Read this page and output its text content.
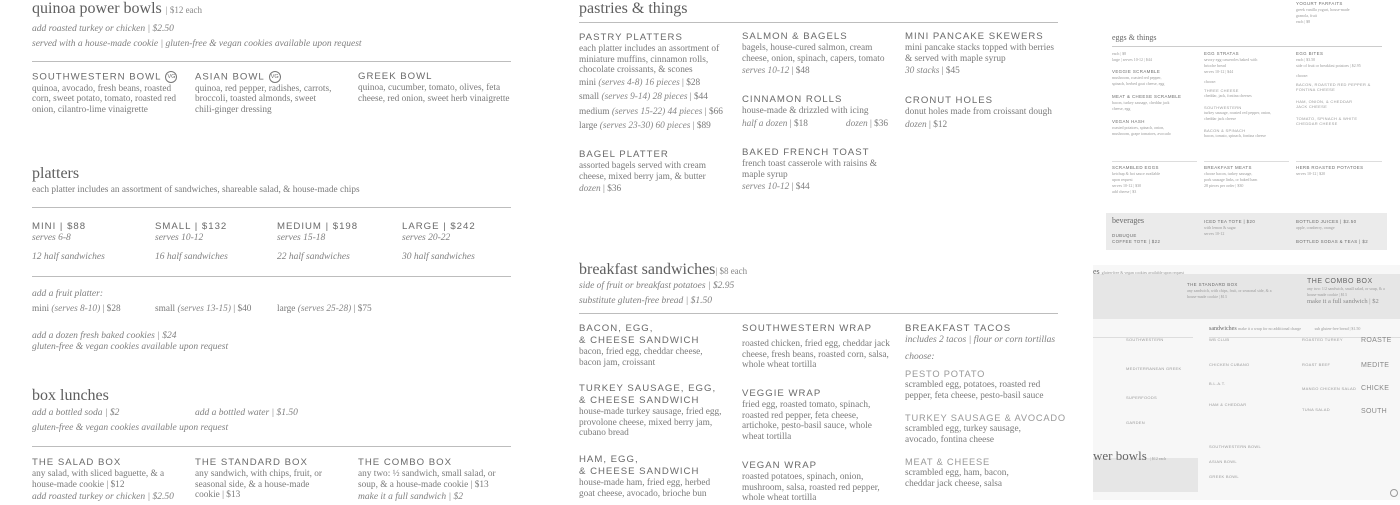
quinoa power bowls | $12 each
add roasted turkey or chicken | $2.50
served with a house-made cookie | gluten-free & vegan cookies available upon request
SOUTHWESTERN BOWL VG
quinoa, avocado, fresh beans, roasted corn, sweet potato, tomato, roasted red onion, cilantro-lime vinaigrette
ASIAN BOWL VG
quinoa, red pepper, radishes, carrots, broccoli, toasted almonds, sweet chili-ginger dressing
GREEK BOWL
quinoa, cucumber, tomato, olives, feta cheese, red onion, sweet herb vinaigrette
platters
each platter includes an assortment of sandwiches, shareable salad, & house-made chips
MINI | $88
serves 6-8
12 half sandwiches
SMALL | $132
serves 10-12
16 half sandwiches
MEDIUM | $198
serves 15-18
22 half sandwiches
LARGE | $242
serves 20-22
30 half sandwiches
add a fruit platter:
mini (serves 8-10) | $28	small (serves 13-15) | $40	large (serves 25-28) | $75
add a dozen fresh baked cookies | $24
gluten-free & vegan cookies available upon request
box lunches
add a bottled soda | $2	add a bottled water | $1.50
gluten-free & vegan cookies available upon request
THE SALAD BOX
any salad, with sliced baguette, & a house-made cookie | $12
add roasted turkey or chicken | $2.50
THE STANDARD BOX
any sandwich, with chips, fruit, or seasonal side, & a house-made cookie | $13
THE COMBO BOX
any two: ½ sandwich, small salad, or soup, & a house-made cookie | $13
make it a full sandwich | $2
pastries & things
PASTRY PLATTERS
each platter includes an assortment of miniature muffins, cinnamon rolls, chocolate croissants, & scones
mini (serves 4-8) 16 pieces | $28
small (serves 9-14) 28 pieces | $44
medium (serves 15-22) 44 pieces | $66
large (serves 23-30) 60 pieces | $89
BAGEL PLATTER
assorted bagels served with cream cheese, mixed berry jam, & butter
dozen | $36
SALMON & BAGELS
bagels, house-cured salmon, cream cheese, onion, spinach, capers, tomato
serves 10-12 | $48
CINNAMON ROLLS
house-made & drizzled with icing
half a dozen | $18	dozen | $36
BAKED FRENCH TOAST
french toast casserole with raisins & maple syrup
serves 10-12 | $44
MINI PANCAKE SKEWERS
mini pancake stacks topped with berries & served with maple syrup
30 stacks | $45
CRONUT HOLES
donut holes made from croissant dough
dozen | $12
breakfast sandwiches| $8 each
side of fruit or breakfast potatoes | $2.95
substitute gluten-free bread | $1.50
BACON, EGG,
& CHEESE SANDWICH
bacon, fried egg, cheddar cheese, bacon jam, croissant
TURKEY SAUSAGE, EGG,
& CHEESE SANDWICH
house-made turkey sausage, fried egg, provolone cheese, mixed berry jam, cubano bread
HAM, EGG,
& CHEESE SANDWICH
house-made ham, fried egg, herbed goat cheese, avocado, brioche bun
SOUTHWESTERN WRAP
roasted chicken, fried egg, cheddar jack cheese, fresh beans, roasted corn, salsa, whole wheat tortilla
VEGGIE WRAP
fried egg, roasted tomato, spinach, roasted red pepper, feta cheese, artichoke, pesto-basil sauce, whole wheat tortilla
VEGAN WRAP
roasted potatoes, spinach, onion, mushroom, salsa, roasted red pepper, whole wheat tortilla
BREAKFAST TACOS
includes 2 tacos | flour or corn tortillas
choose:
PESTO POTATO
scrambled egg, potatoes, roasted red pepper, feta cheese, pesto-basil sauce
TURKEY SAUSAGE & AVOCADO
scrambled egg, turkey sausage, avocado, fontina cheese
MEAT & CHEESE
scrambled egg, ham, bacon, cheddar jack cheese, salsa
YOGURT PARFAITS
greek vanilla yogurt, house-made
granola, fruit
each | $8
eggs & things
each | $8
large | serves 10-12 | $44
VEGGIE SCRAMBLE
mushroom, roasted red pepper,
spinach, herbed goat cheese, egg
MEAT & CHEESE SCRAMBLE
bacon, turkey sausage, cheddar jack
cheese, egg
VEGAN HASH
roasted potatoes, spinach, onion,
mushroom, grape tomatoes, avocado
EGG STRATAS
savory egg casseroles baked with
brioche bread
serves 10-12 | $44
choose:
THREE CHEESE
cheddar, jack, fontina cheeses
SOUTHWESTERN
turkey sausage, roasted red pepper, onion, cheddar jack cheese
BACON & SPINACH
bacon, tomato, spinach, fontina cheese
EGG BITES
each | $3.50
side of fruit or breakfast potatoes | $2.95
choose:
BACON, ROASTED RED PEPPER & FONTINA CHEESE
HAM, ONION, & CHEDDAR JACK CHEESE
TOMATO, SPINACH & WHITE CHEDDAR CHEESE
SCRAMBLED EGGS
ketchup & hot sauce available
upon request
serves 10-12 | $30
add cheese | $3
BREAKFAST MEATS
choose bacon, turkey sausage,
pork sausage links, or baked ham
28 pieces per order | $30
HERB ROASTED POTATOES
serves 10-12 | $20
beverages
DUBUQUE
COFFEE TOTE | $22
ICED TEA TOTE | $20
with lemon & sugar
serves 10-12
BOTTLED JUICES | $2.50
apple, cranberry, orange
BOTTLED SODAS & TEAS | $2
es gluten-free & vegan cookies available upon request
THE STANDARD BOX
any sandwich, with chips, fruit, or seasonal side, & a house-made cookie | $13
THE COMBO BOX
any two: 1/2 sandwich, small salad, or soup, & a house-made cookie | $13
make it a full sandwich | $2
sandwiches make it a wrap for no additional charge	sub gluten-free bread | $1.50
SOUTHWESTERN
MEDITERRANEAN GREEK
SUPERFOODS
GARDEN
WB CLUB
CHICKEN CUBANO
B.L.A.T.
HAM & CHEDDAR
ROASTED TURKEY
ROAST BEEF
MANGO CHICKEN SALAD
TUNA SALAD
ROASTE
MEDITE
CHICKE
SOUTH
wer bowls | $12 each
SOUTHWESTERN BOWL
ASIAN BOWL
GREEK BOWL
